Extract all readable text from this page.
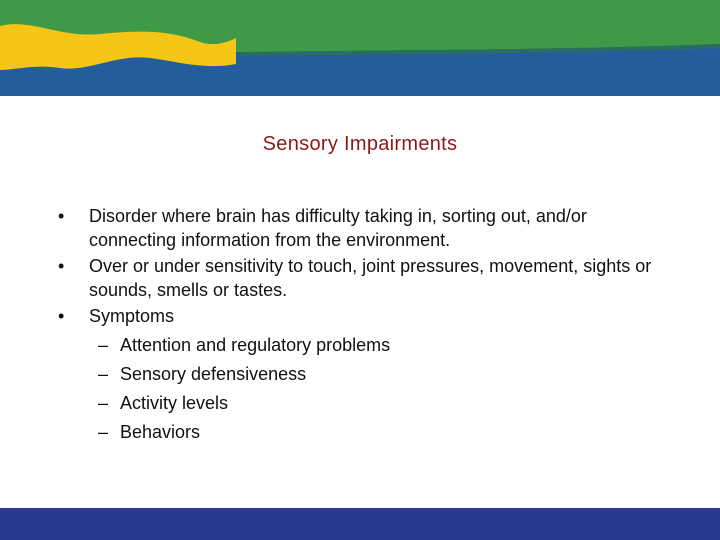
Sensory Impairments
•	Disorder where brain has difficulty taking in, sorting out, and/or connecting information from the environment.
•	Over or under sensitivity to touch, joint pressures, movement, sights or sounds, smells or tastes.
•	Symptoms
– Attention and regulatory problems
– Sensory defensiveness
– Activity levels
– Behaviors
